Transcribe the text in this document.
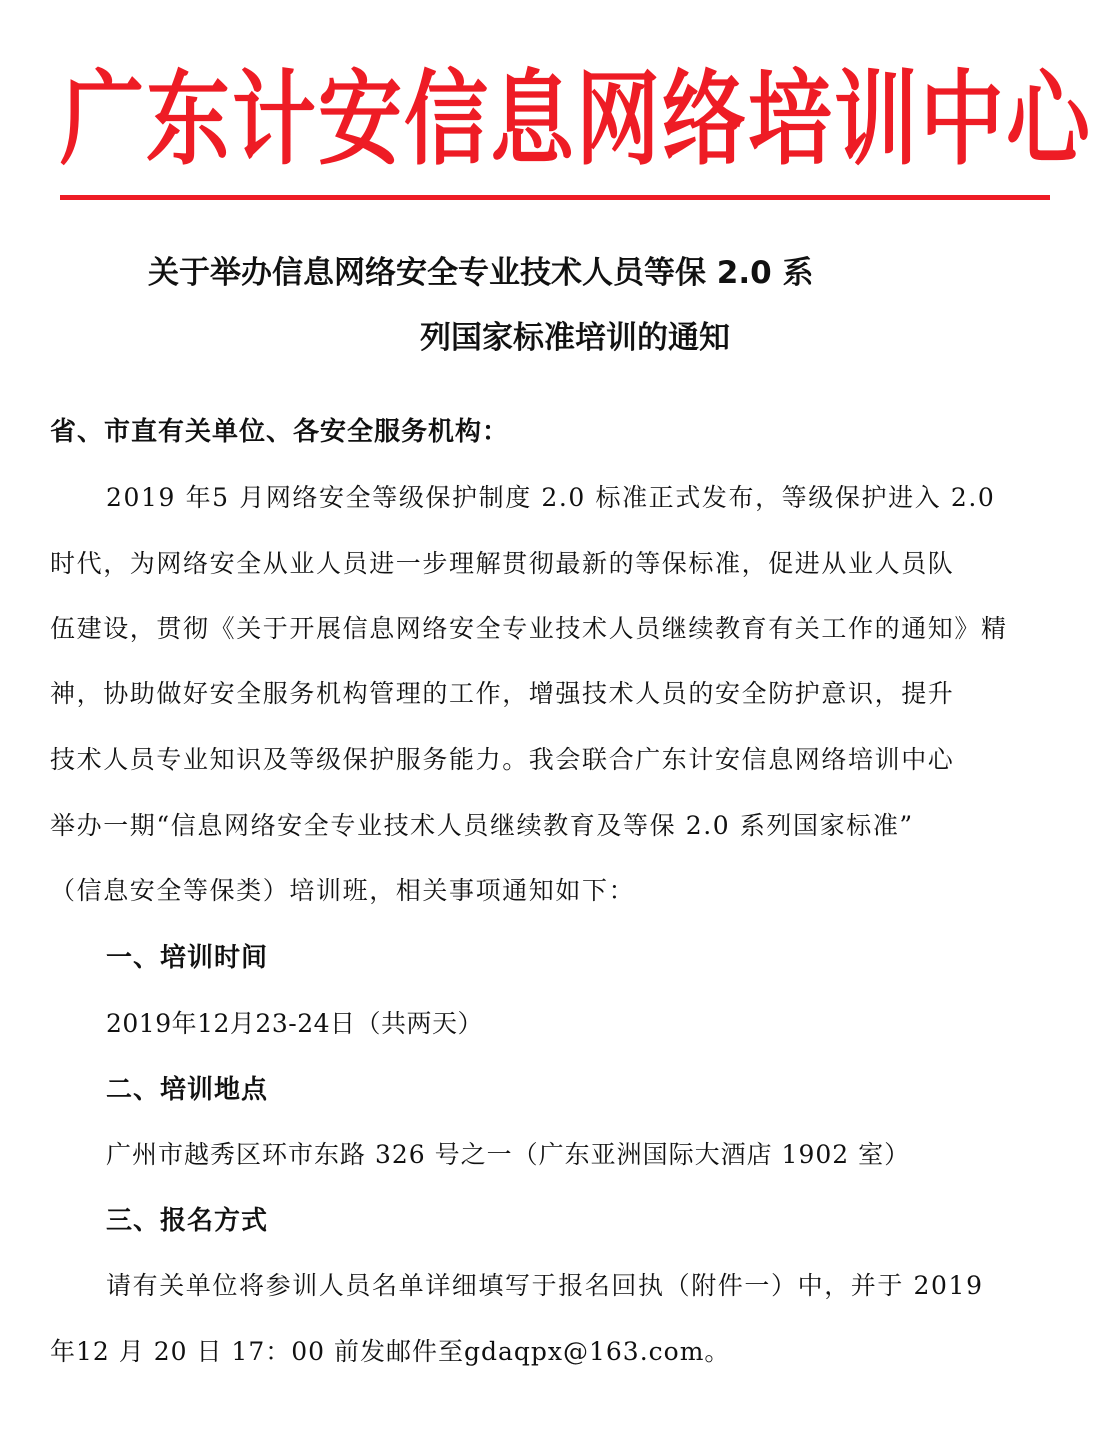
广东计安信息网络培训中心
关于举办信息网络安全专业技术人员等保 2.0 系
列国家标准培训的通知
省、市直有关单位、各安全服务机构：
2019 年5 月网络安全等级保护制度 2.0 标准正式发布，等级保护进入 2.0
时代，为网络安全从业人员进一步理解贯彻最新的等保标准，促进从业人员队
伍建设，贯彻《关于开展信息网络安全专业技术人员继续教育有关工作的通知》精
神，协助做好安全服务机构管理的工作，增强技术人员的安全防护意识，提升
技术人员专业知识及等级保护服务能力。我会联合广东计安信息网络培训中心
举办一期“信息网络安全专业技术人员继续教育及等保 2.0 系列国家标准”
（信息安全等保类）培训班，相关事项通知如下：
一、培训时间
2019年12月23-24日（共两天）
二、培训地点
广州市越秀区环市东路 326 号之一（广东亚洲国际大酒店 1902 室）
三、报名方式
请有关单位将参训人员名单详细填写于报名回执（附件一）中，并于 2019
年12 月 20 日 17：00 前发邮件至gdaqpx@163.com。
